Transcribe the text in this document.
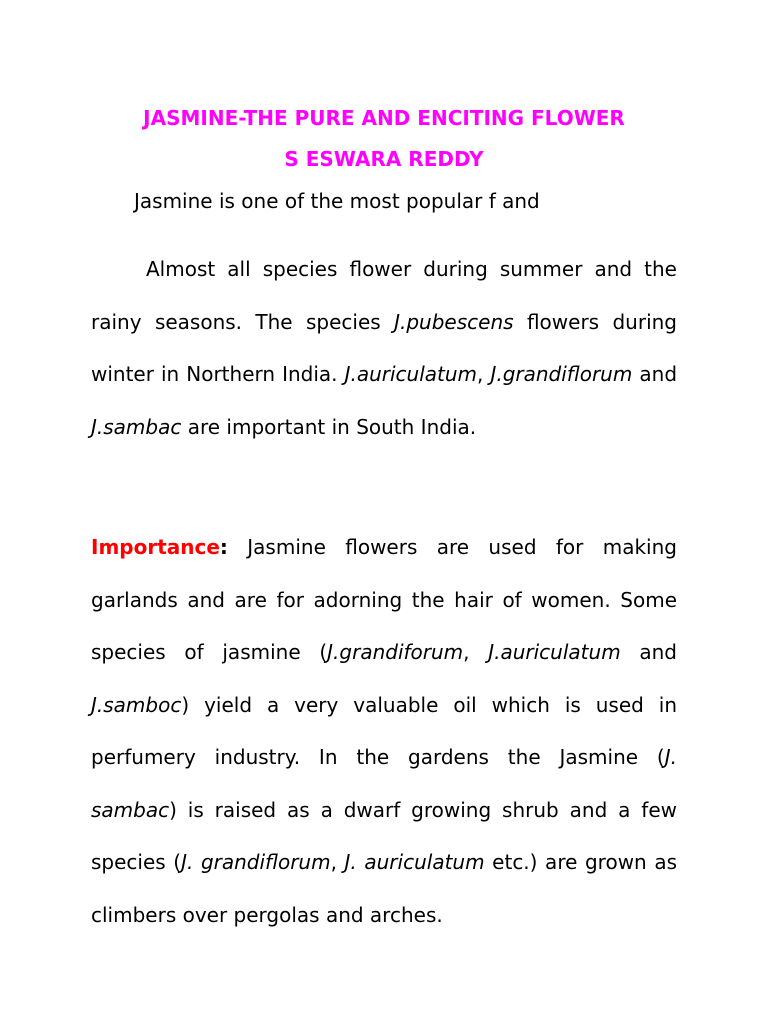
JASMINE-THE PURE AND ENCITING FLOWER
S ESWARA REDDY

Jasmine is one of the most popular f and

Almost all species flower during summer and the rainy seasons. The species J.pubescens flowers during winter in Northern India. J.auriculatum, J.grandiflorum and J.sambac are important in South India.

Importance: Jasmine flowers are used for making garlands and are for adorning the hair of women. Some species of jasmine (J.grandiforum, J.auriculatum and J.samboc) yield a very valuable oil which is used in perfumery industry. In the gardens the Jasmine (J. sambac) is raised as a dwarf growing shrub and a few species (J. grandiflorum, J. auriculatum etc.) are grown as climbers over pergolas and arches.
